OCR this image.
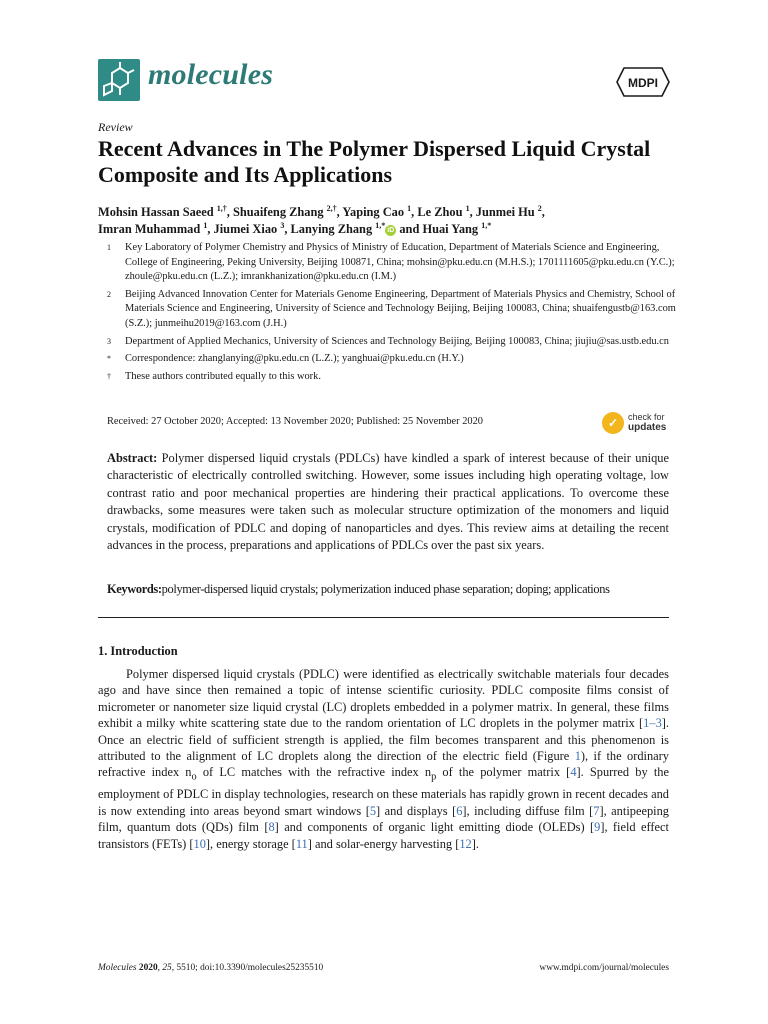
molecules	MDPI
Review
Recent Advances in The Polymer Dispersed Liquid Crystal Composite and Its Applications
Mohsin Hassan Saeed $^{1,\dagger}$, Shuaifeng Zhang $^{2,\dagger}$, Yaping Cao $^1$, Le Zhou $^1$, Junmei Hu $^2$,
Imran Muhammad $^1$, Jiumei Xiao $^3$, Lanying Zhang $^{1,*}$iD and Huai Yang $^{1,*}$
1	Key Laboratory of Polymer Chemistry and Physics of Ministry of Education, Department of Materials Science and Engineering, College of Engineering, Peking University, Beijing 100871, China; mohsin@pku.edu.cn (M.H.S.); 1701111605@pku.edu.cn (Y.C.); zhoule@pku.edu.cn (L.Z.); imrankhanization@pku.edu.cn (I.M.)
2	Beijing Advanced Innovation Center for Materials Genome Engineering, Department of Materials Physics and Chemistry, School of Materials Science and Engineering, University of Science and Technology Beijing, Beijing 100083, China; shuaifengustb@163.com (S.Z.); junmeihu2019@163.com (J.H.)
3	Department of Applied Mechanics, University of Sciences and Technology Beijing, Beijing 100083, China; jiujiu@sas.ustb.edu.cn
*	Correspondence: zhanglanying@pku.edu.cn (L.Z.); yanghuai@pku.edu.cn (H.Y.)
†	These authors contributed equally to this work.
Received: 27 October 2020; Accepted: 13 November 2020; Published: 25 November 2020	✓	check for
updates
Abstract: Polymer dispersed liquid crystals (PDLCs) have kindled a spark of interest because of their unique characteristic of electrically controlled switching. However, some issues including high operating voltage, low contrast ratio and poor mechanical properties are hindering their practical applications. To overcome these drawbacks, some measures were taken such as molecular structure optimization of the monomers and liquid crystals, modification of PDLC and doping of nanoparticles and dyes. This review aims at detailing the recent advances in the process, preparations and applications of PDLCs over the past six years.
Keywords:polymer-dispersed liquid crystals; polymerization induced phase separation; doping; applications
1. Introduction
Polymer dispersed liquid crystals (PDLC) were identified as electrically switchable materials four decades ago and have since then remained a topic of intense scientific curiosity. PDLC composite films consist of micrometer or nanometer size liquid crystal (LC) droplets embedded in a polymer matrix. In general, these films exhibit a milky white scattering state due to the random orientation of LC droplets in the polymer matrix [1–3]. Once an electric field of sufficient strength is applied, the film becomes transparent and this phenomenon is attributed to the alignment of LC droplets along the direction of the electric field (Figure 1), if the ordinary refractive index $n_o$ of LC matches with the refractive index $n_p$ of the polymer matrix [4]. Spurred by the employment of PDLC in display technologies, research on these materials has rapidly grown in recent decades and is now extending into areas beyond smart windows [5] and displays [6], including diffuse film [7], antipeeping film, quantum dots (QDs) film [8] and components of organic light emitting diode (OLEDs) [9], field effect transistors (FETs) [10], energy storage [11] and solar-energy harvesting [12].
Molecules 2020, 25, 5510; doi:10.3390/molecules25235510	www.mdpi.com/journal/molecules
